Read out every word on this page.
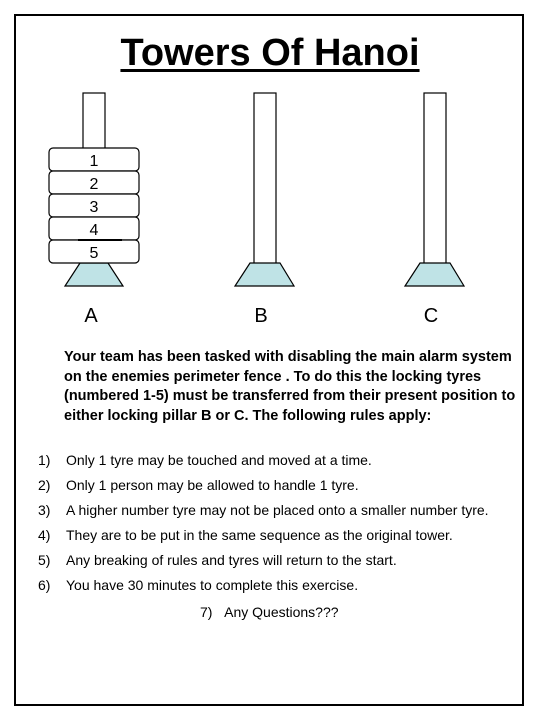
Towers Of Hanoi
1
2
3
4
5
A	B	C
Your team has been tasked with disabling the main alarm system
on the enemies perimeter fence . To do this the locking tyres
(numbered 1-5) must be transferred from their present position to
either locking pillar B or C. The following rules apply:
1) Only 1 tyre may be touched and moved at a time.
2) Only 1 person may be allowed to handle 1 tyre.
3) A higher number tyre may not be placed onto a smaller number tyre.
4) They are to be put in the same sequence as the original tower.
5) Any breaking of rules and tyres will return to the start.
6) You have 30 minutes to complete this exercise.
7) Any Questions???
